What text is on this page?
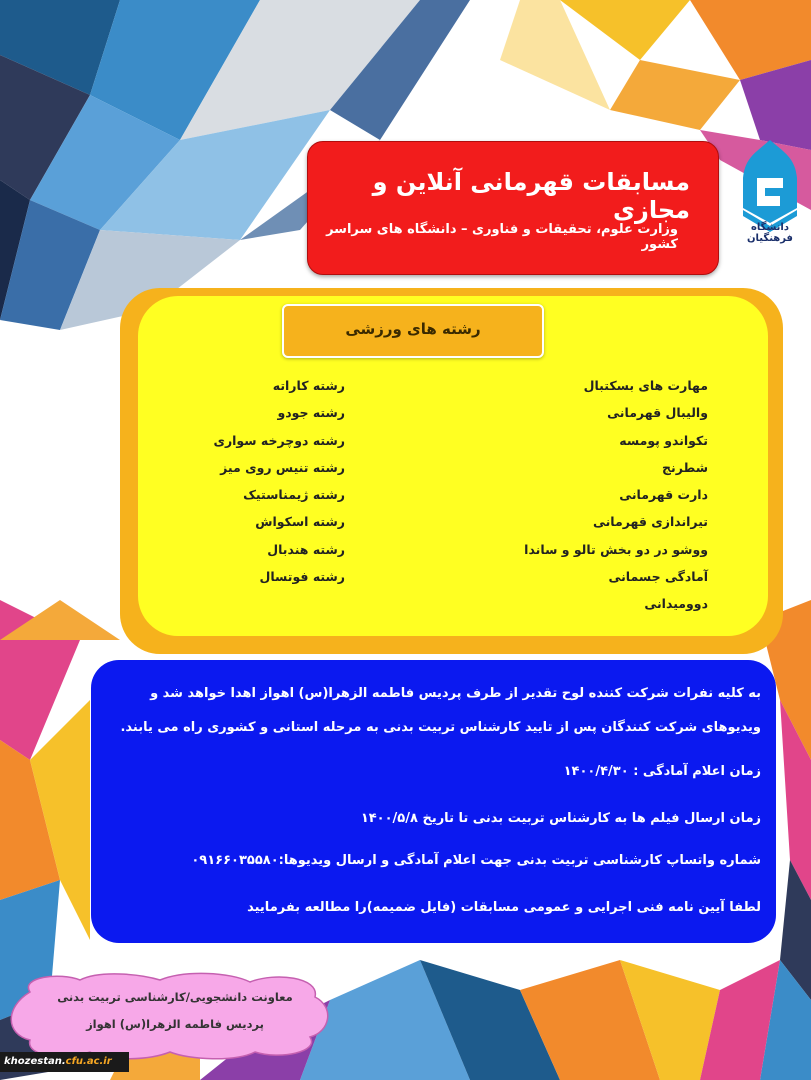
دانشگاه فرهنگیان
مسابقات قهرمانی آنلاین و مجازی
وزارت علوم، تحقیقات و فناوری – دانشگاه های سراسر کشور
رشته های ورزشی
مهارت های بسکتبال
والیبال قهرمانی
تکواندو پومسه
شطرنج
دارت قهرمانی
تیراندازی قهرمانی
ووشو در دو بخش تالو و ساندا
آمادگی جسمانی
دوومیدانی
رشته کاراته
رشته جودو
رشته دوچرخه سواری
رشته تنیس روی میز
رشته ژیمناستیک
رشته اسکواش
رشته هندبال
رشته فوتسال
به کلیه نفرات شرکت کننده لوح تقدیر از طرف پردیس فاطمه الزهرا(س) اهواز اهدا خواهد شد و
ویدیوهای شرکت کنندگان پس از تایید کارشناس تربیت بدنی به مرحله استانی و کشوری راه می یابند.
زمان اعلام آمادگی : ۱۴۰۰/۴/۳۰
زمان ارسال فیلم ها به کارشناس تربیت بدنی تا تاریخ ۱۴۰۰/۵/۸
شماره واتساپ کارشناسی تربیت بدنی جهت اعلام آمادگی و ارسال ویدیوها:۰۹۱۶۶۰۳۵۵۸۰
لطفا آیین نامه فنی اجرایی و عمومی مسابقات (فایل ضمیمه)را مطالعه بفرمایید
معاونت دانشجویی/کارشناسی تربیت بدنی
پردیس فاطمه الزهرا(س) اهواز
khozestan.cfu.ac.ir
